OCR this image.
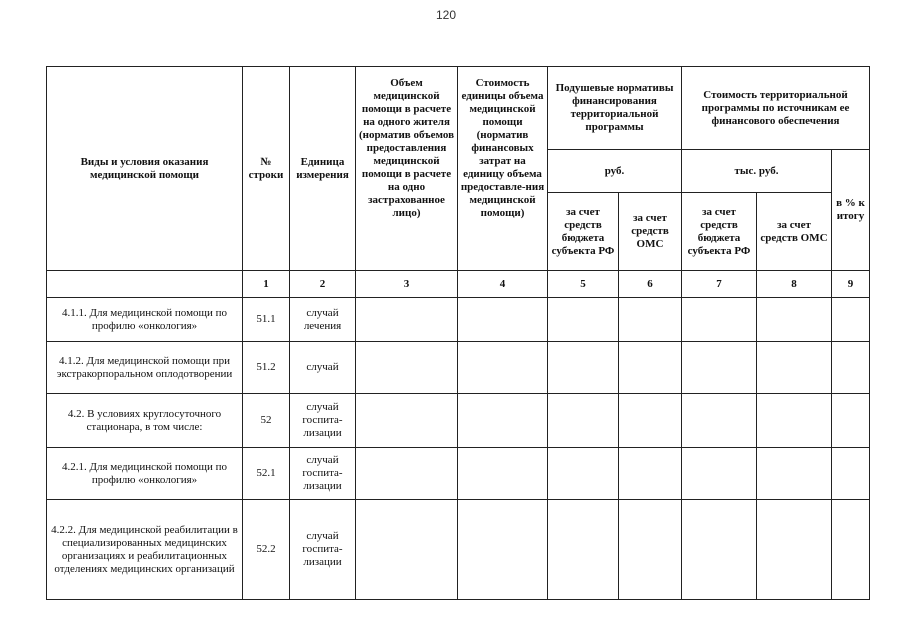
120
Виды и условия оказания медицинской помощи	№ строки	Единица измерения	Объем медицинской помощи в расчете на одного жителя (норматив объемов предоставления медицинской помощи в расчете на одно застрахованное лицо)	Стоимость единицы объема медицинской помощи (норматив финансовых затрат на единицу объема предоставле-ния медицинской помощи)	Подушевые нормативы финансирования территориальной программы		Стоимость территориальной программы по источникам ее финансового обеспечения		
					руб.		тыс. руб.		в % к итогу
					за счет средств бюджета субъекта РФ	за счет средств ОМС	за счет средств бюджета субъекта РФ	за счет средств ОМС	
	1	2	3	4	5	6	7	8	9
4.1.1. Для медицинской помощи по профилю «онкология»	51.1	случай лечения							
4.1.2. Для медицинской помощи при экстракорпоральном оплодотворении	51.2	случай							
4.2. В условиях круглосуточного стационара, в том числе:	52	случай госпита-лизации							
4.2.1. Для медицинской помощи по профилю «онкология»	52.1	случай госпита-лизации							
4.2.2. Для медицинской реабилитации в специализированных медицинских организациях и реабилитационных отделениях медицинских организаций	52.2	случай госпита-лизации							
